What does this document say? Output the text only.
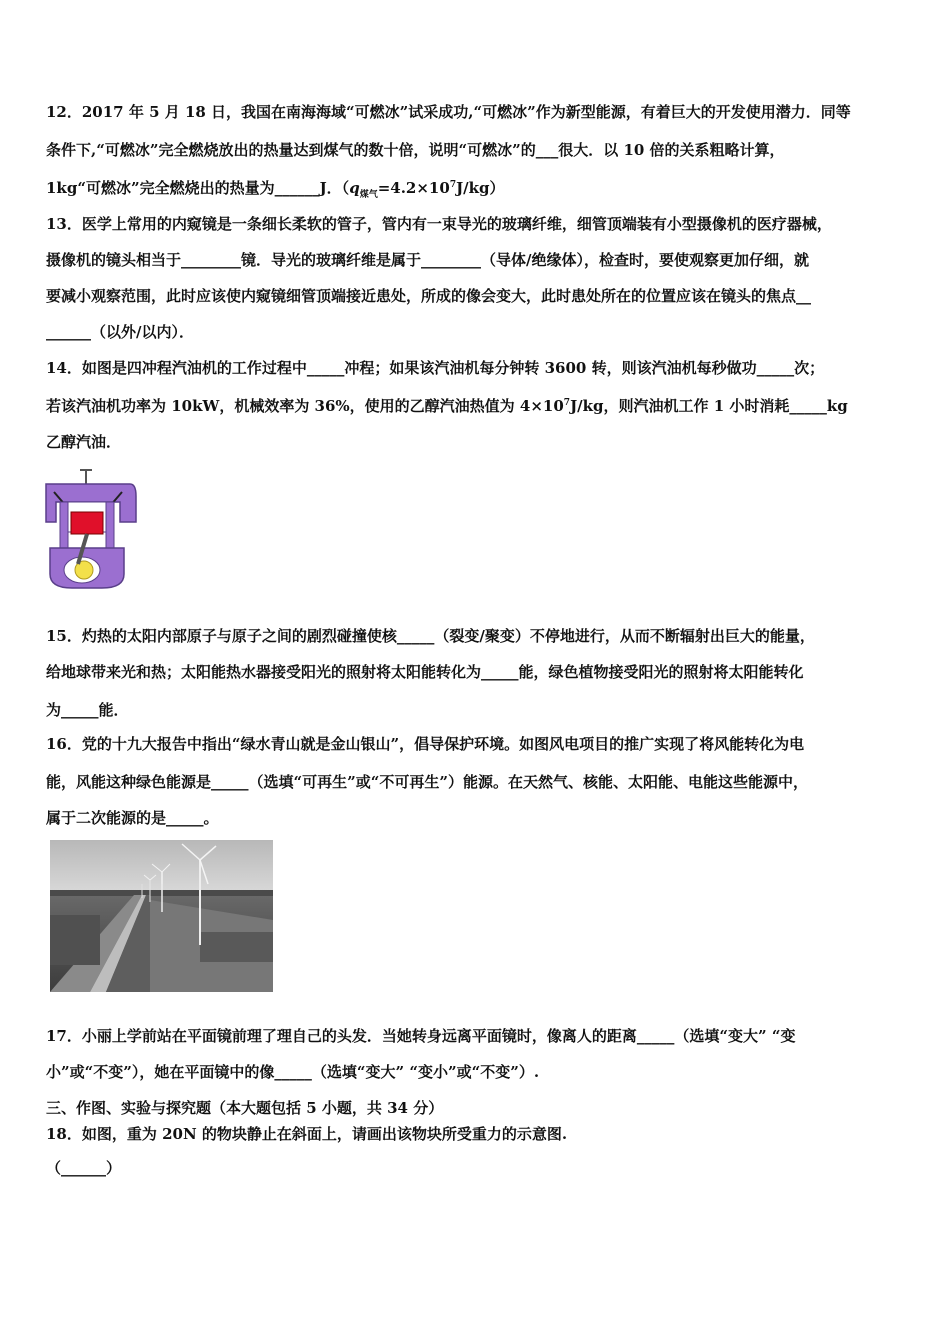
12．2017 年 5 月 18 日，我国在南海海域“可燃冰”试采成功,“可燃冰”作为新型能源，有着巨大的开发使用潜力．同等
条件下,“可燃冰”完全燃烧放出的热量达到煤气的数十倍，说明“可燃冰”的___很大．以 10 倍的关系粗略计算，
1kg“可燃冰”完全燃烧出的热量为______J．$(q_{煤气}=4.2\times 10^7J/kg)$
13．医学上常用的内窥镜是一条细长柔软的管子，管内有一束导光的玻璃纤维，细管顶端装有小型摄像机的医疗器械，
摄像机的镜头相当于________镜．导光的玻璃纤维是属于________（导体/绝缘体），检查时，要使观察更加仔细，就
要减小观察范围，此时应该使内窥镜细管顶端接近患处，所成的像会变大，此时患处所在的位置应该在镜头的焦点__
______（以外/以内）．
14．如图是四冲程汽油机的工作过程中_____冲程；如果该汽油机每分钟转 3600 转，则该汽油机每秒做功_____次；
若该汽油机功率为 10kW，机械效率为 36%，使用的乙醇汽油热值为 $4\times 10^7J/kg$，则汽油机工作 1 小时消耗_____kg
乙醇汽油．
15．灼热的太阳内部原子与原子之间的剧烈碰撞使核_____（裂变/聚变）不停地进行，从而不断辐射出巨大的能量，
给地球带来光和热；太阳能热水器接受阳光的照射将太阳能转化为_____能，绿色植物接受阳光的照射将太阳能转化
为_____能．
16．党的十九大报告中指出“绿水青山就是金山银山”，倡导保护环境。如图风电项目的推广实现了将风能转化为电
能，风能这种绿色能源是_____（选填“可再生”或“不可再生”）能源。在天然气、核能、太阳能、电能这些能源中，
属于二次能源的是_____。
17．小丽上学前站在平面镜前理了理自己的头发．当她转身远离平面镜时，像离人的距离_____（选填“变大” “变
小”或“不变”），她在平面镜中的像_____（选填“变大” “变小”或“不变”）.
三、作图、实验与探究题（本大题包括 5 小题，共 34 分）
18．如图，重为 20N 的物块静止在斜面上，请画出该物块所受重力的示意图.
（______）
